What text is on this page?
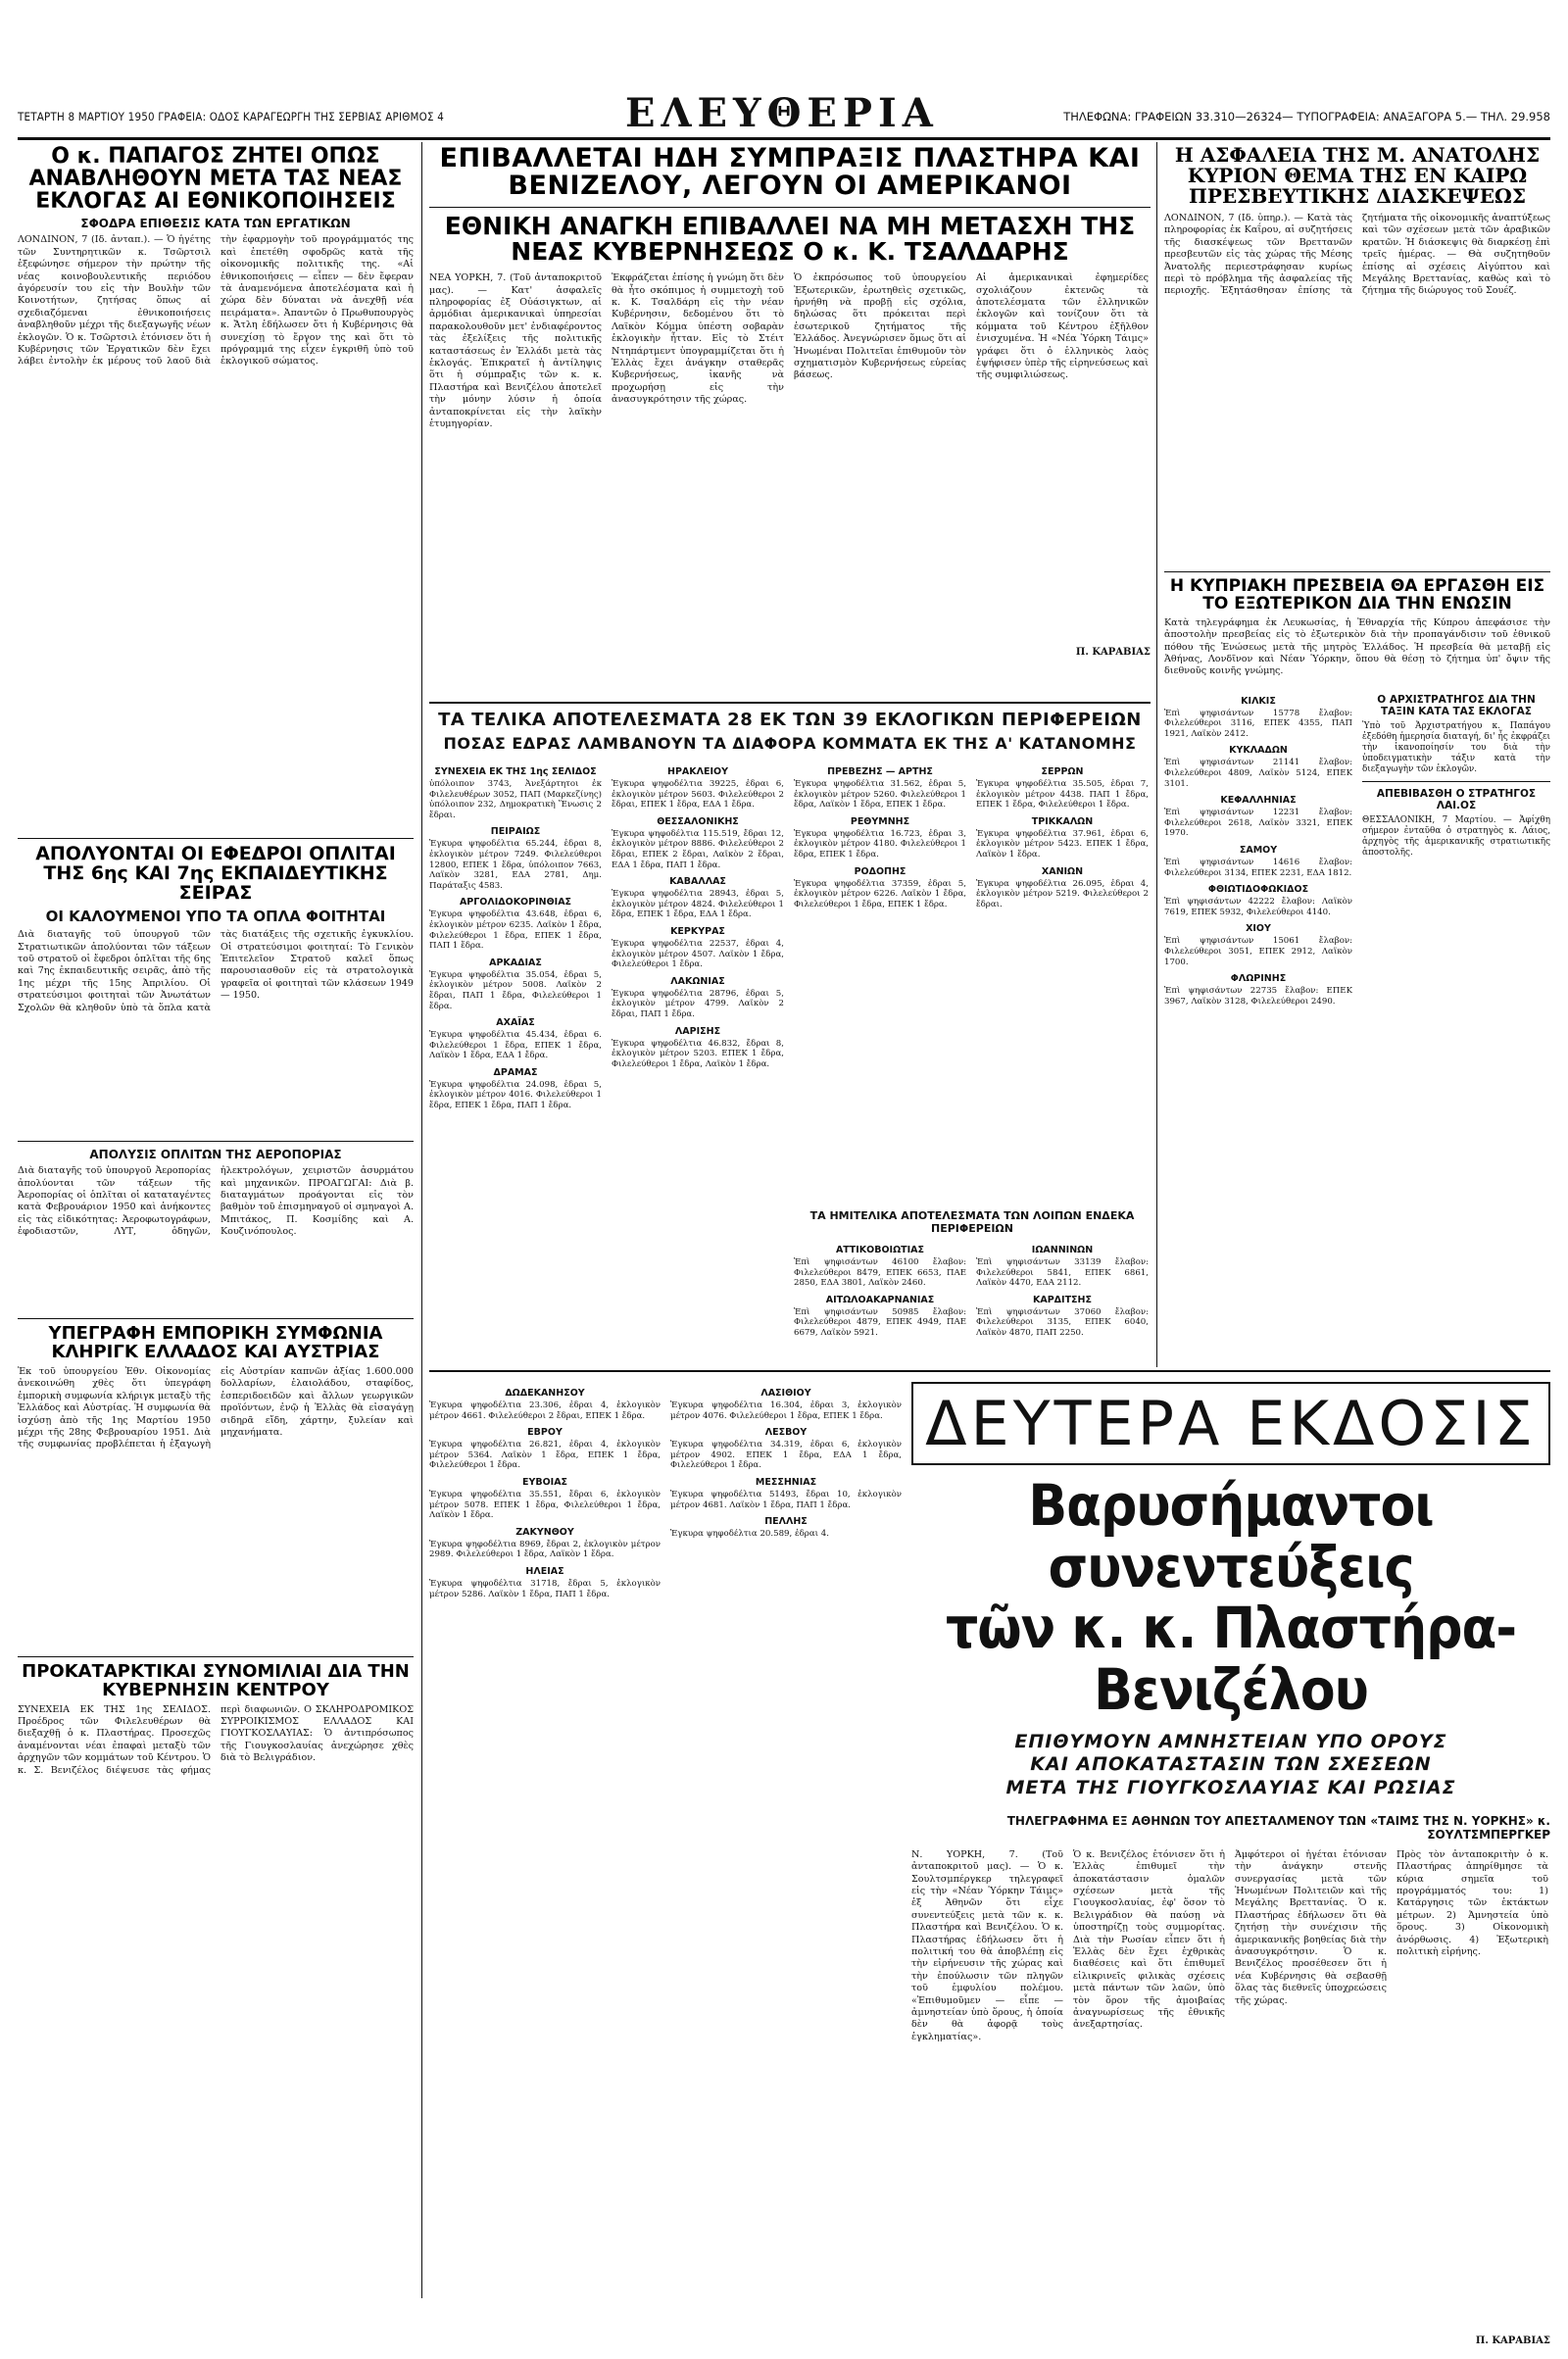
ΤΕΤΑΡΤΗ 8 ΜΑΡΤΙΟΥ 1950 ΓΡΑΦΕΙΑ: ΟΔΟΣ ΚΑΡΑΓΕΩΡΓΗ ΤΗΣ ΣΕΡΒΙΑΣ ΑΡΙΘΜΟΣ 4	ΕΛΕΥΘΕΡΙΑ	ΤΗΛΕΦΩΝΑ: ΓΡΑΦΕΙΩΝ 33.310—26324— ΤΥΠΟΓΡΑΦΕΙΑ: ΑΝΑΞΑΓΟΡΑ 5.— ΤΗΛ. 29.958
Ο κ. ΠΑΠΑΓΟΣ ΖΗΤΕΙ ΟΠΩΣ ΑΝΑΒΛΗΘΟΥΝ ΜΕΤΑ ΤΑΣ ΝΕΑΣ ΕΚΛΟΓΑΣ ΑΙ ΕΘΝΙΚΟΠΟΙΗΣΕΙΣ
ΣΦΟΔΡΑ ΕΠΙΘΕΣΙΣ ΚΑΤΑ ΤΩΝ ΕΡΓΑΤΙΚΩΝ

ΛΟΝΔΙΝΟΝ, 7 (Ιδ. ἀνταπ.). — Ὁ ἡγέτης τῶν Συντηρητικῶν κ. Τσῶρτσιλ ἐξεφώνησε σήμερον τὴν πρώτην τῆς νέας κοινοβουλευτικῆς περιόδου ἀγόρευσίν του εἰς τὴν Βουλὴν τῶν Κοινοτήτων, ζητήσας ὅπως αἱ σχεδιαζόμεναι ἐθνικοποιήσεις ἀναβληθοῦν μέχρι τῆς διεξαγωγῆς νέων ἐκλογῶν. Ὁ κ. Τσῶρτσιλ ἐτόνισεν ὅτι ἡ Κυβέρνησις τῶν Ἐργατικῶν δὲν ἔχει λάβει ἐντολὴν ἐκ μέρους τοῦ λαοῦ διὰ τὴν ἐφαρμογὴν τοῦ προγράμματός της καὶ ἐπετέθη σφοδρῶς κατὰ τῆς οἰκονομικῆς πολιτικῆς της. «Αἱ ἐθνικοποιήσεις — εἶπεν — δὲν ἔφεραν τὰ ἀναμενόμενα ἀποτελέσματα καὶ ἡ χώρα δὲν δύναται νὰ ἀνεχθῇ νέα πειράματα». Ἀπαντῶν ὁ Πρωθυπουργὸς κ. Ἄτλη ἐδήλωσεν ὅτι ἡ Κυβέρνησις θὰ συνεχίσῃ τὸ ἔργον της καὶ ὅτι τὸ πρόγραμμά της εἶχεν ἐγκριθῆ ὑπὸ τοῦ ἐκλογικοῦ σώματος.

ΑΠΟΛΥΟΝΤΑΙ ΟΙ ΕΦΕΔΡΟΙ ΟΠΛΙΤΑΙ ΤΗΣ 6ης ΚΑΙ 7ης ΕΚΠΑΙΔΕΥΤΙΚΗΣ ΣΕΙΡΑΣ
ΟΙ ΚΑΛΟΥΜΕΝΟΙ ΥΠΟ ΤΑ ΟΠΛΑ ΦΟΙΤΗΤΑΙ

Διὰ διαταγῆς τοῦ ὑπουργοῦ τῶν Στρατιωτικῶν ἀπολύονται τῶν τάξεων τοῦ στρατοῦ οἱ ἔφεδροι ὁπλῖται τῆς 6ης καὶ 7ης ἐκπαιδευτικῆς σειρᾶς, ἀπὸ τῆς 1ης μέχρι τῆς 15ης Ἀπριλίου. Οἱ στρατεύσιμοι φοιτηταὶ τῶν Ἀνωτάτων Σχολῶν θὰ κληθοῦν ὑπὸ τὰ ὅπλα κατὰ τὰς διατάξεις τῆς σχετικῆς ἐγκυκλίου. Οἱ στρατεύσιμοι φοιτηταί: Τὸ Γενικὸν Ἐπιτελεῖον Στρατοῦ καλεῖ ὅπως παρουσιασθοῦν εἰς τὰ στρατολογικὰ γραφεῖα οἱ φοιτηταὶ τῶν κλάσεων 1949 — 1950.

ΑΠΟΛΥΣΙΣ ΟΠΛΙΤΩΝ ΤΗΣ ΑΕΡΟΠΟΡΙΑΣ

Διὰ διαταγῆς τοῦ ὑπουργοῦ Ἀεροπορίας ἀπολύονται τῶν τάξεων τῆς Ἀεροπορίας οἱ ὁπλῖται οἱ καταταγέντες κατὰ Φεβρουάριον 1950 καὶ ἀνήκοντες εἰς τὰς εἰδικότητας: Ἀεροφωτογράφων, ἐφοδιαστῶν, ΛΥΤ, ὁδηγῶν, ἠλεκτρολόγων, χειριστῶν ἀσυρμάτου καὶ μηχανικῶν. ΠΡΟΑΓΩΓΑΙ: Διὰ β. διαταγμάτων προάγονται εἰς τὸν βαθμὸν τοῦ ἐπισμηναγοῦ οἱ σμηναγοὶ Α. Μπιτάκος, Π. Κοσμίδης καὶ Α. Κουζινόπουλος.

ΥΠΕΓΡΑΦΗ ΕΜΠΟΡΙΚΗ ΣΥΜΦΩΝΙΑ ΚΛΗΡΙΓΚ ΕΛΛΑΔΟΣ ΚΑΙ ΑΥΣΤΡΙΑΣ

Ἐκ τοῦ ὑπουργείου Ἐθν. Οἰκονομίας ἀνεκοινώθη χθὲς ὅτι ὑπεγράφη ἐμπορικὴ συμφωνία κλήριγκ μεταξὺ τῆς Ἑλλάδος καὶ Αὐστρίας. Ἡ συμφωνία θὰ ἰσχύσῃ ἀπὸ τῆς 1ης Μαρτίου 1950 μέχρι τῆς 28ης Φεβρουαρίου 1951. Διὰ τῆς συμφωνίας προβλέπεται ἡ ἐξαγωγὴ εἰς Αὐστρίαν καπνῶν ἀξίας 1.600.000 δολλαρίων, ἐλαιολάδου, σταφίδος, ἐσπεριδοειδῶν καὶ ἄλλων γεωργικῶν προϊόντων, ἐνῷ ἡ Ἑλλὰς θὰ εἰσαγάγῃ σιδηρᾶ εἴδη, χάρτην, ξυλείαν καὶ μηχανήματα.

ΠΡΟΚΑΤΑΡΚΤΙΚΑΙ ΣΥΝΟΜΙΛΙΑΙ ΔΙΑ ΤΗΝ ΚΥΒΕΡΝΗΣΙΝ ΚΕΝΤΡΟΥ

ΣΥΝΕΧΕΙΑ ΕΚ ΤΗΣ 1ης ΣΕΛΙΔΟΣ. Προέδρος τῶν Φιλελευθέρων θὰ διεξαχθῇ ὁ κ. Πλαστήρας. Προσεχῶς ἀναμένονται νέαι ἐπαφαὶ μεταξὺ τῶν ἀρχηγῶν τῶν κομμάτων τοῦ Κέντρου. Ὁ κ. Σ. Βενιζέλος διέψευσε τὰς φήμας περὶ διαφωνιῶν. Ο ΣΚΛΗΡΟΔΡΟΜΙΚΟΣ ΣΥΡΡΟΙΚΙΣΜΟΣ ΕΛΛΑΔΟΣ ΚΑΙ ΓΙΟΥΓΚΟΣΛΑΥΙΑΣ: Ὁ ἀντιπρόσωπος τῆς Γιουγκοσλαυίας ἀνεχώρησε χθὲς διὰ τὸ Βελιγράδιον.

ΕΠΙΒΑΛΛΕΤΑΙ ΗΔΗ ΣΥΜΠΡΑΞΙΣ ΠΛΑΣΤΗΡΑ ΚΑΙ ΒΕΝΙΖΕΛΟΥ, ΛΕΓΟΥΝ ΟΙ ΑΜΕΡΙΚΑΝΟΙ
ΕΘΝΙΚΗ ΑΝΑΓΚΗ ΕΠΙΒΑΛΛΕΙ ΝΑ ΜΗ ΜΕΤΑΣΧΗ ΤΗΣ ΝΕΑΣ ΚΥΒΕΡΝΗΣΕΩΣ Ο κ. Κ. ΤΣΑΛΔΑΡΗΣ

ΝΕΑ ΥΟΡΚΗ, 7. (Τοῦ ἀνταποκριτοῦ μας). — Κατ' ἀσφαλεῖς πληροφορίας ἐξ Οὐάσιγκτων, αἱ ἀρμόδιαι ἀμερικανικαὶ ὑπηρεσίαι παρακολουθοῦν μετ' ἐνδιαφέροντος τὰς ἐξελίξεις τῆς πολιτικῆς καταστάσεως ἐν Ἑλλάδι μετὰ τὰς ἐκλογάς. Ἐπικρατεῖ ἡ ἀντίληψις ὅτι ἡ σύμπραξις τῶν κ. κ. Πλαστήρα καὶ Βενιζέλου ἀποτελεῖ τὴν μόνην λύσιν ἡ ὁποία ἀνταποκρίνεται εἰς τὴν λαϊκὴν ἐτυμηγορίαν.

Ἐκφράζεται ἐπίσης ἡ γνώμη ὅτι δὲν θὰ ἦτο σκόπιμος ἡ συμμετοχὴ τοῦ κ. Κ. Τσαλδάρη εἰς τὴν νέαν Κυβέρνησιν, δεδομένου ὅτι τὸ Λαϊκὸν Κόμμα ὑπέστη σοβαρὰν ἐκλογικὴν ἧτταν. Εἰς τὸ Στέιτ Ντηπάρτμεντ ὑπογραμμίζεται ὅτι ἡ Ἑλλὰς ἔχει ἀνάγκην σταθερᾶς Κυβερνήσεως, ἱκανῆς νὰ προχωρήσῃ εἰς τὴν ἀνασυγκρότησιν τῆς χώρας.

Ὁ ἐκπρόσωπος τοῦ ὑπουργείου Ἐξωτερικῶν, ἐρωτηθεὶς σχετικῶς, ἠρνήθη νὰ προβῇ εἰς σχόλια, δηλώσας ὅτι πρόκειται περὶ ἐσωτερικοῦ ζητήματος τῆς Ἑλλάδος. Ἀνεγνώρισεν ὅμως ὅτι αἱ Ἡνωμέναι Πολιτεῖαι ἐπιθυμοῦν τὸν σχηματισμὸν Κυβερνήσεως εὐρείας βάσεως.

Αἱ ἀμερικανικαὶ ἐφημερίδες σχολιάζουν ἐκτενῶς τὰ ἀποτελέσματα τῶν ἑλληνικῶν ἐκλογῶν καὶ τονίζουν ὅτι τὰ κόμματα τοῦ Κέντρου ἐξῆλθον ἐνισχυμένα. Ἡ «Νέα Ὑόρκη Τάιμς» γράφει ὅτι ὁ ἑλληνικὸς λαὸς ἐψήφισεν ὑπὲρ τῆς εἰρηνεύσεως καὶ τῆς συμφιλιώσεως.

Π. ΚΑΡΑΒΙΑΣ

ΤΑ ΤΕΛΙΚΑ ΑΠΟΤΕΛΕΣΜΑΤΑ 28 ΕΚ ΤΩΝ 39 ΕΚΛΟΓΙΚΩΝ ΠΕΡΙΦΕΡΕΙΩΝ
ΠΟΣΑΣ ΕΔΡΑΣ ΛΑΜΒΑΝΟΥΝ ΤΑ ΔΙΑΦΟΡΑ ΚΟΜΜΑΤΑ ΕΚ ΤΗΣ Α' ΚΑΤΑΝΟΜΗΣ
ΣΥΝΕΧΕΙΑ ΕΚ ΤΗΣ 1ης ΣΕΛΙΔΟΣ

ὑπόλοιπον 3743, Ἀνεξάρτητοι ἐκ Φιλελευθέρων 3052, ΠΑΠ (Μαρκεζίνης) ὑπόλοιπον 232, Δημοκρατικὴ Ἕνωσις 2 ἔδραι.

ΠΕΙΡΑΙΩΣ

Ἐγκυρα ψηφοδέλτια 65.244, ἐδραι 8, ἐκλογικὸν μέτρον 7249. Φιλελεύθεροι 12800, ΕΠΕΚ 1 ἔδρα, ὑπόλοιπον 7663, Λαϊκὸν 3281, ΕΔΑ 2781, Δημ. Παράταξις 4583.

ΑΡΓΟΛΙΔΟΚΟΡΙΝΘΙΑΣ

Ἐγκυρα ψηφοδέλτια 43.648, ἐδραι 6, ἐκλογικὸν μέτρον 6235. Λαϊκὸν 1 ἔδρα, Φιλελεύθεροι 1 ἔδρα, ΕΠΕΚ 1 ἔδρα, ΠΑΠ 1 ἔδρα.

ΑΡΚΑΔΙΑΣ

Ἐγκυρα ψηφοδέλτια 35.054, ἐδραι 5, ἐκλογικὸν μέτρον 5008. Λαϊκὸν 2 ἔδραι, ΠΑΠ 1 ἔδρα, Φιλελεύθεροι 1 ἔδρα.

ΑΧΑΪΑΣ

Ἐγκυρα ψηφοδέλτια 45.434, ἐδραι 6. Φιλελεύθεροι 1 ἔδρα, ΕΠΕΚ 1 ἔδρα, Λαϊκὸν 1 ἔδρα, ΕΔΑ 1 ἔδρα.

ΔΡΑΜΑΣ

Ἐγκυρα ψηφοδέλτια 24.098, ἐδραι 5, ἐκλογικὸν μέτρον 4016. Φιλελεύθεροι 1 ἔδρα, ΕΠΕΚ 1 ἔδρα, ΠΑΠ 1 ἔδρα.

ΗΡΑΚΛΕΙΟΥ

Ἐγκυρα ψηφοδέλτια 39225, ἐδραι 6, ἐκλογικὸν μέτρον 5603. Φιλελεύθεροι 2 ἔδραι, ΕΠΕΚ 1 ἔδρα, ΕΔΑ 1 ἔδρα.

ΘΕΣΣΑΛΟΝΙΚΗΣ

Ἐγκυρα ψηφοδέλτια 115.519, ἔδραι 12, ἐκλογικὸν μέτρον 8886. Φιλελεύθεροι 2 ἔδραι, ΕΠΕΚ 2 ἔδραι, Λαϊκὸν 2 ἔδραι, ΕΔΑ 1 ἔδρα, ΠΑΠ 1 ἔδρα.

ΚΑΒΑΛΛΑΣ

Ἐγκυρα ψηφοδέλτια 28943, ἐδραι 5, ἐκλογικὸν μέτρον 4824. Φιλελεύθεροι 1 ἔδρα, ΕΠΕΚ 1 ἔδρα, ΕΔΑ 1 ἔδρα.

ΚΕΡΚΥΡΑΣ

Ἐγκυρα ψηφοδέλτια 22537, ἐδραι 4, ἐκλογικὸν μέτρον 4507. Λαϊκὸν 1 ἔδρα, Φιλελεύθεροι 1 ἔδρα.

ΛΑΚΩΝΙΑΣ

Ἐγκυρα ψηφοδέλτια 28796, ἐδραι 5, ἐκλογικὸν μέτρον 4799. Λαϊκὸν 2 ἔδραι, ΠΑΠ 1 ἔδρα.

ΛΑΡΙΣΗΣ

Ἐγκυρα ψηφοδέλτια 46.832, ἔδραι 8, ἐκλογικὸν μέτρον 5203. ΕΠΕΚ 1 ἔδρα, Φιλελεύθεροι 1 ἔδρα, Λαϊκὸν 1 ἔδρα.

ΠΡΕΒΕΖΗΣ — ΑΡΤΗΣ

Ἐγκυρα ψηφοδέλτια 31.562, ἐδραι 5, ἐκλογικὸν μέτρον 5260. Φιλελεύθεροι 1 ἔδρα, Λαϊκὸν 1 ἔδρα, ΕΠΕΚ 1 ἔδρα.

ΡΕΘΥΜΝΗΣ

Ἐγκυρα ψηφοδέλτια 16.723, ἐδραι 3, ἐκλογικὸν μέτρον 4180. Φιλελεύθεροι 1 ἔδρα, ΕΠΕΚ 1 ἔδρα.

ΡΟΔΟΠΗΣ

Ἐγκυρα ψηφοδέλτια 37359, ἐδραι 5, ἐκλογικὸν μέτρον 6226. Λαϊκὸν 1 ἔδρα, Φιλελεύθεροι 1 ἔδρα, ΕΠΕΚ 1 ἔδρα.

ΣΕΡΡΩΝ

Ἐγκυρα ψηφοδέλτια 35.505, ἐδραι 7, ἐκλογικὸν μέτρον 4438. ΠΑΠ 1 ἔδρα, ΕΠΕΚ 1 ἔδρα, Φιλελεύθεροι 1 ἔδρα.

ΤΡΙΚΚΑΛΩΝ

Ἐγκυρα ψηφοδέλτια 37.961, ἐδραι 6, ἐκλογικὸν μέτρον 5423. ΕΠΕΚ 1 ἔδρα, Λαϊκὸν 1 ἔδρα.

ΧΑΝΙΩΝ

Ἐγκυρα ψηφοδέλτια 26.095, ἐδραι 4, ἐκλογικὸν μέτρον 5219. Φιλελεύθεροι 2 ἔδραι.

ΤΑ ΗΜΙΤΕΛΙΚΑ ΑΠΟΤΕΛΕΣΜΑΤΑ ΤΩΝ ΛΟΙΠΩΝ ΕΝΔΕΚΑ ΠΕΡΙΦΕΡΕΙΩΝ
ΑΤΤΙΚΟΒΟΙΩΤΙΑΣ

Ἐπὶ ψηφισάντων 46100 ἔλαβον: Φιλελεύθεροι 8479, ΕΠΕΚ 6653, ΠΑΕ 2850, ΕΔΑ 3801, Λαϊκὸν 2460.

ΑΙΤΩΛΟΑΚΑΡΝΑΝΙΑΣ

Ἐπὶ ψηφισάντων 50985 ἔλαβον: Φιλελεύθεροι 4879, ΕΠΕΚ 4949, ΠΑΕ 6679, Λαϊκὸν 5921.

ΙΩΑΝΝΙΝΩΝ

Ἐπὶ ψηφισάντων 33139 ἔλαβον: Φιλελεύθεροι 5841, ΕΠΕΚ 6861, Λαϊκὸν 4470, ΕΔΑ 2112.

ΚΑΡΔΙΤΣΗΣ

Ἐπὶ ψηφισάντων 37060 ἔλαβον: Φιλελεύθεροι 3135, ΕΠΕΚ 6040, Λαϊκὸν 4870, ΠΑΠ 2250.

Η ΑΣΦΑΛΕΙΑ ΤΗΣ Μ. ΑΝΑΤΟΛΗΣ ΚΥΡΙΟΝ ΘΕΜΑ ΤΗΣ ΕΝ ΚΑΙΡΩ ΠΡΕΣΒΕΥΤΙΚΗΣ ΔΙΑΣΚΕΨΕΩΣ

ΛΟΝΔΙΝΟΝ, 7 (Ιδ. ὑπηρ.). — Κατὰ τὰς πληροφορίας ἐκ Καΐρου, αἱ συζητήσεις τῆς διασκέψεως τῶν Βρεττανῶν πρεσβευτῶν εἰς τὰς χώρας τῆς Μέσης Ἀνατολῆς περιεστράφησαν κυρίως περὶ τὸ πρόβλημα τῆς ἀσφαλείας τῆς περιοχῆς. Ἐξητάσθησαν ἐπίσης τὰ ζητήματα τῆς οἰκονομικῆς ἀναπτύξεως καὶ τῶν σχέσεων μετὰ τῶν ἀραβικῶν κρατῶν. Ἡ διάσκεψις θὰ διαρκέσῃ ἐπὶ τρεῖς ἡμέρας. — Θὰ συζητηθοῦν ἐπίσης αἱ σχέσεις Αἰγύπτου καὶ Μεγάλης Βρεττανίας, καθὼς καὶ τὸ ζήτημα τῆς διώρυγος τοῦ Σουέζ.

Η ΚΥΠΡΙΑΚΗ ΠΡΕΣΒΕΙΑ ΘΑ ΕΡΓΑΣΘΗ ΕΙΣ ΤΟ ΕΞΩΤΕΡΙΚΟΝ ΔΙΑ ΤΗΝ ΕΝΩΣΙΝ

Κατὰ τηλεγράφημα ἐκ Λευκωσίας, ἡ Ἐθναρχία τῆς Κύπρου ἀπεφάσισε τὴν ἀποστολὴν πρεσβείας εἰς τὸ ἐξωτερικὸν διὰ τὴν προπαγάνδισιν τοῦ ἐθνικοῦ πόθου τῆς Ἑνώσεως μετὰ τῆς μητρὸς Ἑλλάδος. Ἡ πρεσβεία θὰ μεταβῇ εἰς Ἀθήνας, Λονδῖνον καὶ Νέαν Ὑόρκην, ὅπου θὰ θέσῃ τὸ ζήτημα ὑπ' ὄψιν τῆς διεθνοῦς κοινῆς γνώμης.

ΚΙΛΚΙΣ

Ἐπὶ ψηφισάντων 15778 ἔλαβον: Φιλελεύθεροι 3116, ΕΠΕΚ 4355, ΠΑΠ 1921, Λαϊκὸν 2412.

ΚΥΚΛΑΔΩΝ

Ἐπὶ ψηφισάντων 21141 ἔλαβον: Φιλελεύθεροι 4809, Λαϊκὸν 5124, ΕΠΕΚ 3101.

ΚΕΦΑΛΛΗΝΙΑΣ

Ἐπὶ ψηφισάντων 12231 ἔλαβον: Φιλελεύθεροι 2618, Λαϊκὸν 3321, ΕΠΕΚ 1970.

ΣΑΜΟΥ

Ἐπὶ ψηφισάντων 14616 ἔλαβον: Φιλελεύθεροι 3134, ΕΠΕΚ 2231, ΕΔΑ 1812.

ΦΘΙΩΤΙΔΟΦΩΚΙΔΟΣ

Ἐπὶ ψηφισάντων 42222 ἔλαβον: Λαϊκὸν 7619, ΕΠΕΚ 5932, Φιλελεύθεροι 4140.

ΧΙΟΥ

Ἐπὶ ψηφισάντων 15061 ἔλαβον: Φιλελεύθεροι 3051, ΕΠΕΚ 2912, Λαϊκὸν 1700.

ΦΛΩΡΙΝΗΣ

Ἐπὶ ψηφισάντων 22735 ἔλαβον: ΕΠΕΚ 3967, Λαϊκὸν 3128, Φιλελεύθεροι 2490.

Ο ΑΡΧΙΣΤΡΑΤΗΓΟΣ ΔΙΑ ΤΗΝ ΤΑΞΙΝ ΚΑΤΑ ΤΑΣ ΕΚΛΟΓΑΣ

Ὑπὸ τοῦ Ἀρχιστρατήγου κ. Παπάγου ἐξεδόθη ἡμερησία διαταγή, δι' ἧς ἐκφράζει τὴν ἱκανοποίησίν του διὰ τὴν ὑποδειγματικὴν τάξιν κατὰ τὴν διεξαγωγὴν τῶν ἐκλογῶν.

ΑΠΕΒΙΒΑΣΘΗ Ο ΣΤΡΑΤΗΓΟΣ ΛΑΙ.ΟΣ

ΘΕΣΣΑΛΟΝΙΚΗ, 7 Μαρτίου. — Ἀφίχθη σήμερον ἐνταῦθα ὁ στρατηγὸς κ. Λάιος, ἀρχηγὸς τῆς ἀμερικανικῆς στρατιωτικῆς ἀποστολῆς.

ΔΕΥΤΕΡΑ ΕΚΔΟΣΙΣ
Βαρυσήμαντοι συνεντεύξεις
τῶν κ. κ. Πλαστήρα-Βενιζέλου
ΕΠΙΘΥΜΟΥΝ ΑΜΝΗΣΤΕΙΑΝ ΥΠΟ ΟΡΟΥΣ
ΚΑΙ ΑΠΟΚΑΤΑΣΤΑΣΙΝ ΤΩΝ ΣΧΕΣΕΩΝ
ΜΕΤΑ ΤΗΣ ΓΙΟΥΓΚΟΣΛΑΥΙΑΣ ΚΑΙ ΡΩΣΙΑΣ
ΤΗΛΕΓΡΑΦΗΜΑ ΕΞ ΑΘΗΝΩΝ ΤΟΥ ΑΠΕΣΤΑΛΜΕΝΟΥ ΤΩΝ «ΤΑΙΜΣ ΤΗΣ Ν. ΥΟΡΚΗΣ» κ. ΣΟΥΛΤΣΜΠΕΡΓΚΕΡ

Ν. ΥΟΡΚΗ, 7. (Τοῦ ἀνταποκριτοῦ μας). — Ὁ κ. Σουλτσμπέργκερ τηλεγραφεῖ εἰς τὴν «Νέαν Ὑόρκην Τάιμς» ἐξ Ἀθηνῶν ὅτι εἶχε συνεντεύξεις μετὰ τῶν κ. κ. Πλαστήρα καὶ Βενιζέλου. Ὁ κ. Πλαστήρας ἐδήλωσεν ὅτι ἡ πολιτική του θὰ ἀποβλέπῃ εἰς τὴν εἰρήνευσιν τῆς χώρας καὶ τὴν ἐπούλωσιν τῶν πληγῶν τοῦ ἐμφυλίου πολέμου. «Ἐπιθυμοῦμεν — εἶπε — ἀμνηστείαν ὑπὸ ὅρους, ἡ ὁποία δὲν θὰ ἀφορᾷ τοὺς ἐγκληματίας».

Ὁ κ. Βενιζέλος ἐτόνισεν ὅτι ἡ Ἑλλὰς ἐπιθυμεῖ τὴν ἀποκατάστασιν ὁμαλῶν σχέσεων μετὰ τῆς Γιουγκοσλαυίας, ἐφ' ὅσον τὸ Βελιγράδιον θὰ παύσῃ νὰ ὑποστηρίζῃ τοὺς συμμορίτας. Διὰ τὴν Ρωσίαν εἶπεν ὅτι ἡ Ἑλλὰς δὲν ἔχει ἐχθρικὰς διαθέσεις καὶ ὅτι ἐπιθυμεῖ εἰλικρινεῖς φιλικὰς σχέσεις μετὰ πάντων τῶν λαῶν, ὑπὸ τὸν ὅρον τῆς ἀμοιβαίας ἀναγνωρίσεως τῆς ἐθνικῆς ἀνεξαρτησίας.

Ἀμφότεροι οἱ ἡγέται ἐτόνισαν τὴν ἀνάγκην στενῆς συνεργασίας μετὰ τῶν Ἡνωμένων Πολιτειῶν καὶ τῆς Μεγάλης Βρεττανίας. Ὁ κ. Πλαστήρας ἐδήλωσεν ὅτι θὰ ζητήσῃ τὴν συνέχισιν τῆς ἀμερικανικῆς βοηθείας διὰ τὴν ἀνασυγκρότησιν. Ὁ κ. Βενιζέλος προσέθεσεν ὅτι ἡ νέα Κυβέρνησις θὰ σεβασθῇ ὅλας τὰς διεθνεῖς ὑποχρεώσεις τῆς χώρας.

Πρὸς τὸν ἀνταποκριτὴν ὁ κ. Πλαστήρας ἀπηρίθμησε τὰ κύρια σημεῖα τοῦ προγράμματός του: 1) Κατάργησις τῶν ἐκτάκτων μέτρων. 2) Ἀμνηστεία ὑπὸ ὅρους. 3) Οἰκονομικὴ ἀνόρθωσις. 4) Ἐξωτερικὴ πολιτικὴ εἰρήνης.

Π. ΚΑΡΑΒΙΑΣ

ΔΩΔΕΚΑΝΗΣΟΥ

Ἐγκυρα ψηφοδέλτια 23.306, ἐδραι 4, ἐκλογικὸν μέτρον 4661. Φιλελεύθεροι 2 ἔδραι, ΕΠΕΚ 1 ἔδρα.

ΕΒΡΟΥ

Ἐγκυρα ψηφοδέλτια 26.821, ἐδραι 4, ἐκλογικὸν μέτρον 5364. Λαϊκὸν 1 ἔδρα, ΕΠΕΚ 1 ἔδρα, Φιλελεύθεροι 1 ἔδρα.

ΕΥΒΟΙΑΣ

Ἐγκυρα ψηφοδέλτια 35.551, ἔδραι 6, ἐκλογικὸν μέτρον 5078. ΕΠΕΚ 1 ἔδρα, Φιλελεύθεροι 1 ἔδρα, Λαϊκὸν 1 ἔδρα.

ΖΑΚΥΝΘΟΥ

Ἐγκυρα ψηφοδέλτια 8969, ἔδραι 2, ἐκλογικὸν μέτρον 2989. Φιλελεύθεροι 1 ἔδρα, Λαϊκὸν 1 ἔδρα.

ΗΛΕΙΑΣ

Ἐγκυρα ψηφοδέλτια 31718, ἔδραι 5, ἐκλογικὸν μέτρον 5286. Λαϊκὸν 1 ἔδρα, ΠΑΠ 1 ἔδρα.

ΛΑΣΙΘΙΟΥ

Ἐγκυρα ψηφοδέλτια 16.304, ἐδραι 3, ἐκλογικὸν μέτρον 4076. Φιλελεύθεροι 1 ἔδρα, ΕΠΕΚ 1 ἔδρα.

ΛΕΣΒΟΥ

Ἐγκυρα ψηφοδέλτια 34.319, ἐδραι 6, ἐκλογικὸν μέτρον 4902. ΕΠΕΚ 1 ἔδρα, ΕΔΑ 1 ἔδρα, Φιλελεύθεροι 1 ἔδρα.

ΜΕΣΣΗΝΙΑΣ

Ἐγκυρα ψηφοδέλτια 51493, ἔδραι 10, ἐκλογικὸν μέτρον 4681. Λαϊκὸν 1 ἔδρα, ΠΑΠ 1 ἔδρα.

ΠΕΛΛΗΣ

Ἐγκυρα ψηφοδέλτια 20.589, ἐδραι 4.
